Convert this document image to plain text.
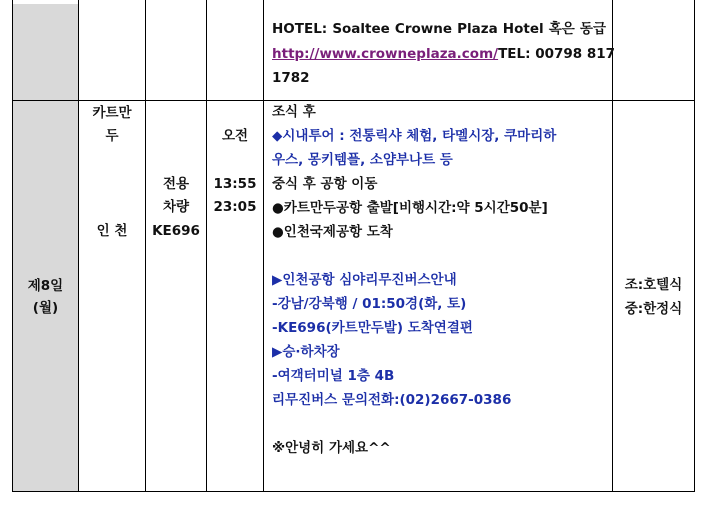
HOTEL: Soaltee Crowne Plaza Hotel 혹은 동급
http://www.crowneplaza.com/ TEL: 00798 817
1782
제8일
(월)
카트만
두
인 천
전용
차량
KE696
오전
13:55
23:05
조식 후
◆시내투어 : 전통릭샤 체험, 타멜시장, 쿠마리하
우스, 몽키템플, 소얌부나트 등
중식 후 공항 이동
●카트만두공항 출발[비행시간:약 5시간50분]
●인천국제공항 도착
▶인천공항 심야리무진버스안내
-강남/강북행 / 01:50경(화, 토)
-KE696(카트만두발) 도착연결편
▶승·하차장
-여객터미널 1층 4B
리무진버스 문의전화:(02)2667-0386
※안녕히 가세요^^
조:호텔식
중:한정식
